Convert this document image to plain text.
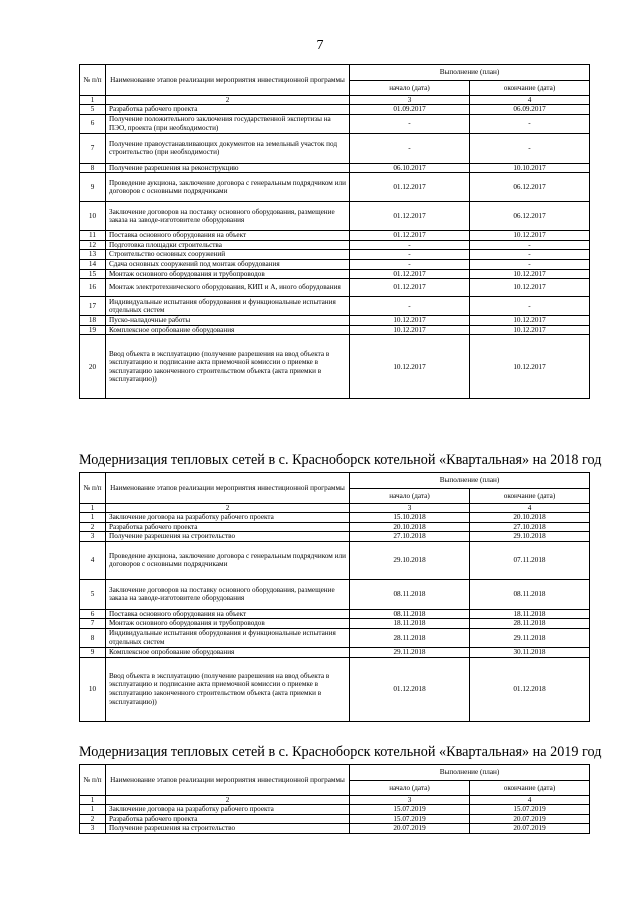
7
№ п/п	Наименование этапов реализации мероприятия инвестиционной программы	Выполнение (план)	
		начало (дата)	окончание (дата)
1	2	3	4
5	Разработка рабочего проекта	01.09.2017	06.09.2017
6	Получение положительного заключения государственной экспертизы на ПЭО, проекта (при необходимости)	-	-
7	Получение правоустанавливающих документов на земельный участок под строительство (при необходимости)	-	-
8	Получение разрешения на реконструкцию	06.10.2017	10.10.2017
9	Проведение аукциона, заключение договора с генеральным подрядчиком или договоров с основными подрядчиками	01.12.2017	06.12.2017
10	Заключение договоров на поставку основного оборудования, размещение заказа на заводе-изготовителе оборудования	01.12.2017	06.12.2017
11	Поставка основного оборудования на объект	01.12.2017	10.12.2017
12	Подготовка площадки строительства	-	-
13	Строительство основных сооружений	-	-
14	Сдача основных сооружений под монтаж оборудования	-	-
15	Монтаж основного оборудования и трубопроводов	01.12.2017	10.12.2017
16	Монтаж электротехнического оборудования, КИП и А, иного оборудования	01.12.2017	10.12.2017
17	Индивидуальные испытания оборудования и функциональные испытания отдельных систем	-	-
18	Пуско-наладочные работы	10.12.2017	10.12.2017
19	Комплексное опробование оборудования	10.12.2017	10.12.2017
20	Ввод объекта в эксплуатацию (получение разрешения на ввод объекта в эксплуатацию и подписание акта приемочной комиссии о приемке в эксплуатацию законченного строительством объекта (акта приемки в эксплуатацию))	10.12.2017	10.12.2017
Модернизация тепловых сетей в с. Красноборск котельной «Квартальная» на 2018 год
№ п/п	Наименование этапов реализации мероприятия инвестиционной программы	Выполнение (план)	
		начало (дата)	окончание (дата)
1	2	3	4
1	Заключение договора на разработку рабочего проекта	15.10.2018	20.10.2018
2	Разработка рабочего проекта	20.10.2018	27.10.2018
3	Получение разрешения на строительство	27.10.2018	29.10.2018
4	Проведение аукциона, заключение договора с генеральным подрядчиком или договоров с основными подрядчиками	29.10.2018	07.11.2018
5	Заключение договоров на поставку основного оборудования, размещение заказа на заводе-изготовителе оборудования	08.11.2018	08.11.2018
6	Поставка основного оборудования на объект	08.11.2018	18.11.2018
7	Монтаж основного оборудования и трубопроводов	18.11.2018	28.11.2018
8	Индивидуальные испытания оборудования и функциональные испытания отдельных систем	28.11.2018	29.11.2018
9	Комплексное опробование оборудования	29.11.2018	30.11.2018
10	Ввод объекта в эксплуатацию (получение разрешения на ввод объекта в эксплуатацию и подписание акта приемочной комиссии о приемке в эксплуатацию законченного строительством объекта (акта приемки в эксплуатацию))	01.12.2018	01.12.2018
Модернизация тепловых сетей в с. Красноборск котельной «Квартальная» на 2019 год
№ п/п	Наименование этапов реализации мероприятия инвестиционной программы	Выполнение (план)	
		начало (дата)	окончание (дата)
1	2	3	4
1	Заключение договора на разработку рабочего проекта	15.07.2019	15.07.2019
2	Разработка рабочего проекта	15.07.2019	20.07.2019
3	Получение разрешения на строительство	20.07.2019	20.07.2019
